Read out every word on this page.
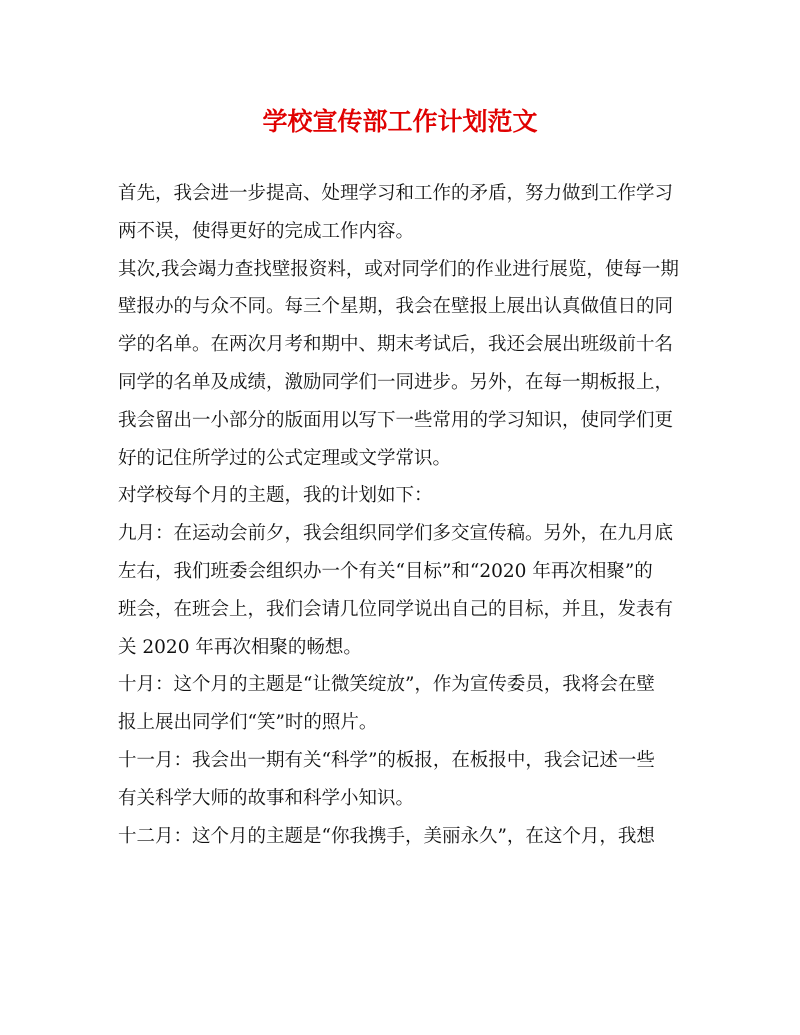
学校宣传部工作计划范文

首先，我会进一步提高、处理学习和工作的矛盾，努力做到工作学习

两不误，使得更好的完成工作内容。

其次,我会竭力查找壁报资料，或对同学们的作业进行展览，使每一期

壁报办的与众不同。每三个星期，我会在壁报上展出认真做值日的同

学的名单。在两次月考和期中、期末考试后，我还会展出班级前十名

同学的名单及成绩，激励同学们一同进步。另外，在每一期板报上，

我会留出一小部分的版面用以写下一些常用的学习知识，使同学们更

好的记住所学过的公式定理或文学常识。

对学校每个月的主题，我的计划如下：

九月：在运动会前夕，我会组织同学们多交宣传稿。另外，在九月底

左右，我们班委会组织办一个有关“目标”和“2020 年再次相聚”的

班会，在班会上，我们会请几位同学说出自己的目标，并且，发表有

关 2020 年再次相聚的畅想。

十月：这个月的主题是“让微笑绽放”，作为宣传委员，我将会在壁

报上展出同学们“笑”时的照片。

十一月：我会出一期有关“科学”的板报，在板报中，我会记述一些

有关科学大师的故事和科学小知识。

十二月：这个月的主题是“你我携手，美丽永久”，在这个月，我想
